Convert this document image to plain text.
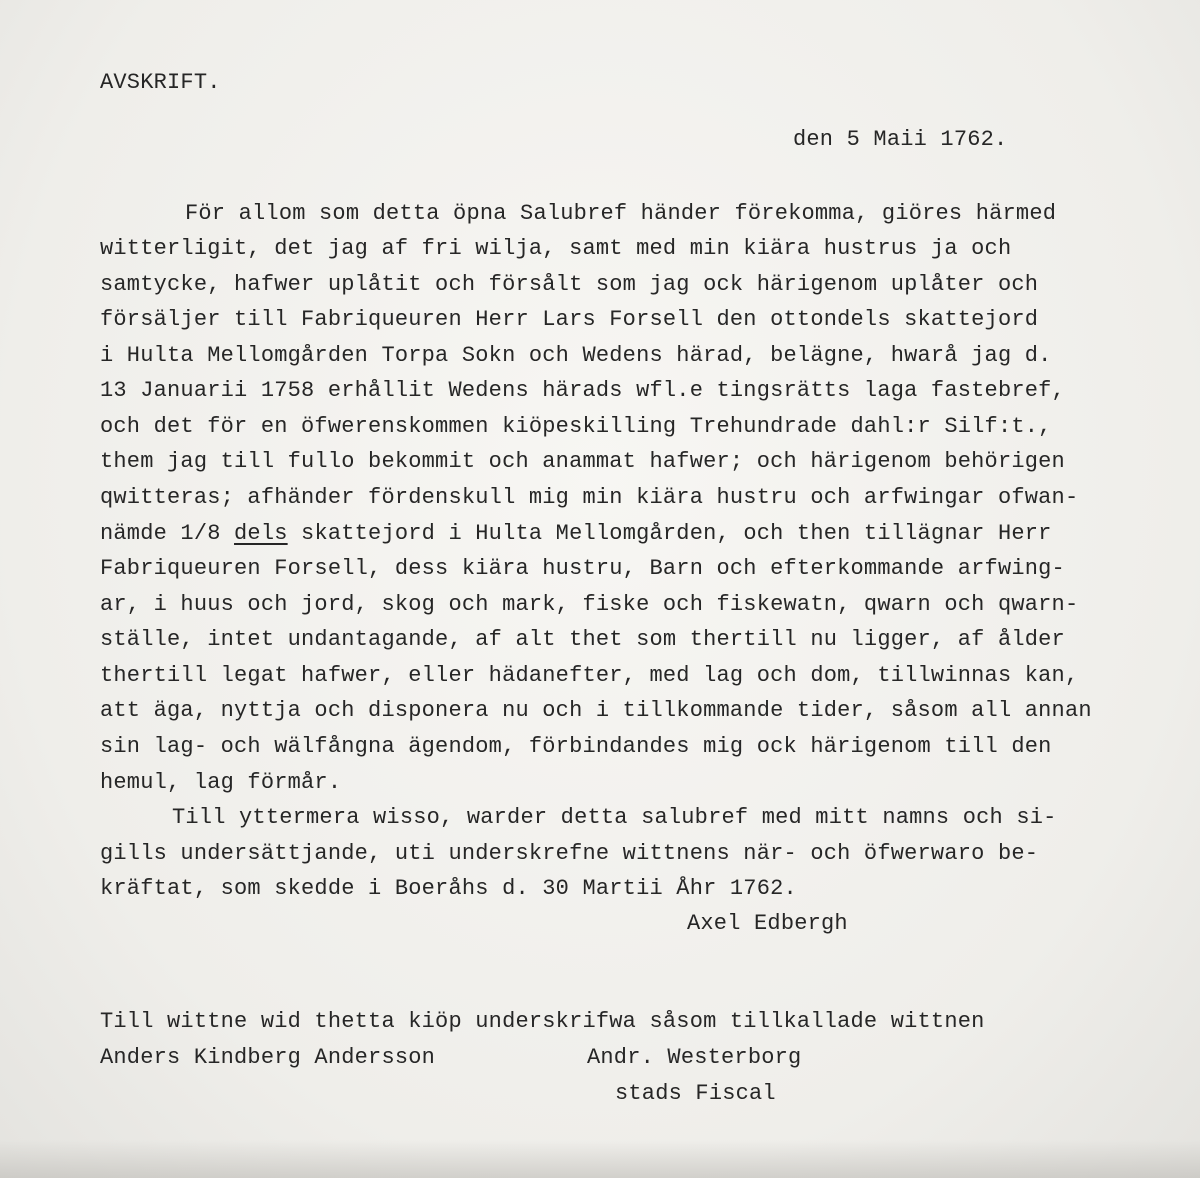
AVSKRIFT.
den 5 Maii 1762.
För allom som detta öpna Salubref händer förekomma, giöres härmed
witterligit, det jag af fri wilja, samt med min kiära hustrus ja och
samtycke, hafwer uplåtit och försålt som jag ock härigenom uplåter och
försäljer till Fabriqueuren Herr Lars Forsell den ottondels skattejord
i Hulta Mellomgården Torpa Sokn och Wedens härad, belägne, hwarå jag d.
13 Januarii 1758 erhållit Wedens härads wfl.e tingsrätts laga fastebref,
och det för en öfwerenskommen kiöpeskilling Trehundrade dahl:r Silf:t.,
them jag till fullo bekommit och anammat hafwer; och härigenom behörigen
qwitteras; afhänder fördenskull mig min kiära hustru och arfwingar ofwan-
nämde 1/8 dels skattejord i Hulta Mellomgården, och then tillägnar Herr
Fabriqueuren Forsell, dess kiära hustru, Barn och efterkommande arfwing-
ar, i huus och jord, skog och mark, fiske och fiskewatn, qwarn och qwarn-
ställe, intet undantagande, af alt thet som thertill nu ligger, af ålder
thertill legat hafwer, eller hädanefter, med lag och dom, tillwinnas kan,
att äga, nyttja och disponera nu och i tillkommande tider, såsom all annan
sin lag- och wälfångna ägendom, förbindandes mig ock härigenom till den
hemul, lag förmår.
Till yttermera wisso, warder detta salubref med mitt namns och si-
gills undersättjande, uti underskrefne wittnens när- och öfwerwaro be-
kräftat, som skedde i Boeråhs d. 30 Martii Åhr 1762.
Axel Edbergh
Till wittne wid thetta kiöp underskrifwa såsom tillkallade wittnen
Anders Kindberg Andersson	Andr. Westerborg
stads Fiscal
